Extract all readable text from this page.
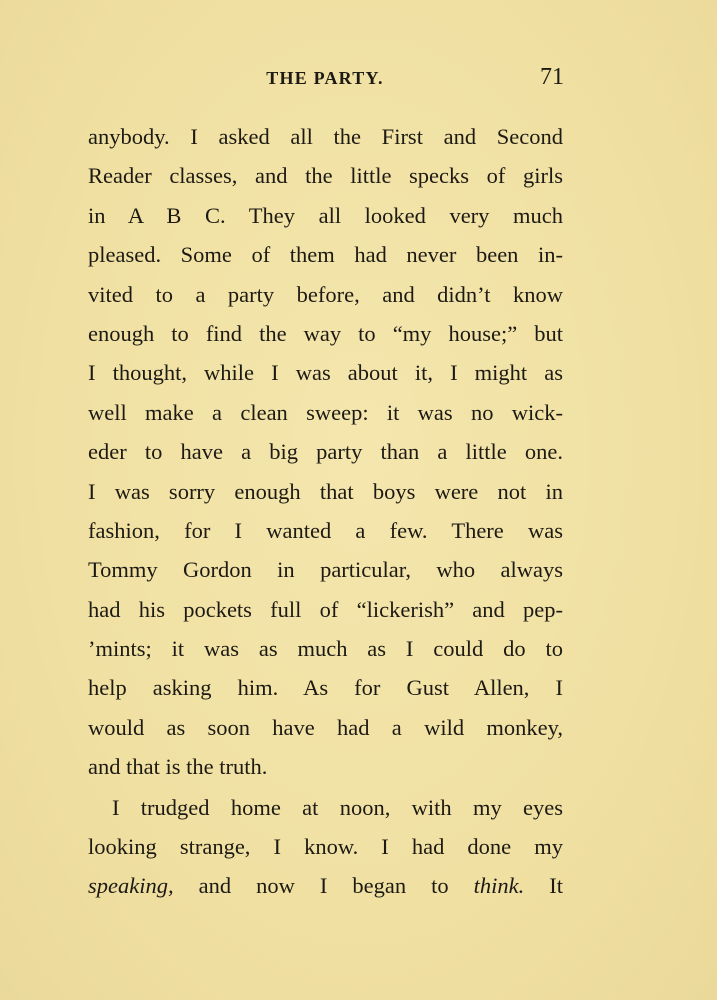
THE PARTY.	71
anybody. I asked all the First and Second
Reader classes, and the little specks of girls
in A B C. They all looked very much
pleased. Some of them had never been in-
vited to a party before, and didn’t know
enough to find the way to “my house;” but
I thought, while I was about it, I might as
well make a clean sweep: it was no wick-
eder to have a big party than a little one.
I was sorry enough that boys were not in
fashion, for I wanted a few. There was
Tommy Gordon in particular, who always
had his pockets full of “lickerish” and pep-
’mints; it was as much as I could do to
help asking him. As for Gust Allen, I
would as soon have had a wild monkey,
and that is the truth.
I trudged home at noon, with my eyes
looking strange, I know. I had done my
speaking, and now I began to think. It
